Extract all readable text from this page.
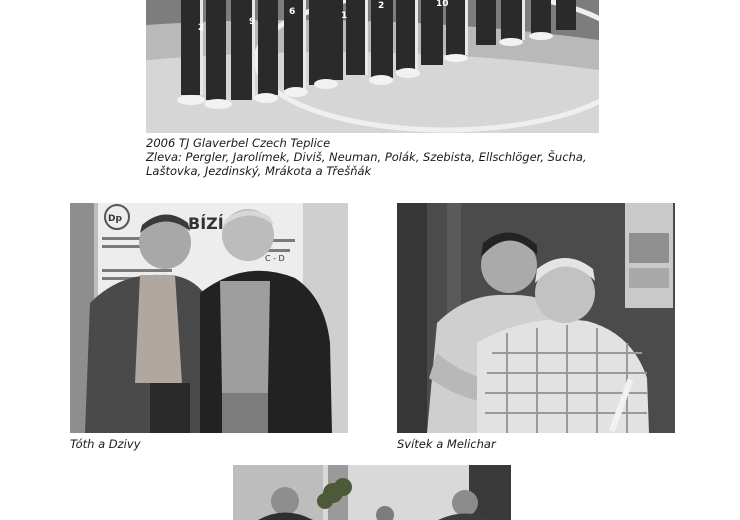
2
9
6	1
2	10

2006 TJ Glaverbel Czech Teplice

Zleva: Pergler, Jarolímek, Diviš, Neuman, Polák, Szebista, Ellschlöger, Šucha,

Laštovka, Jezdinský, Mrákota a Třešňák

Dp	BÍZÍ
C - D

Tóth a Dzivy	Svítek a Melichar
